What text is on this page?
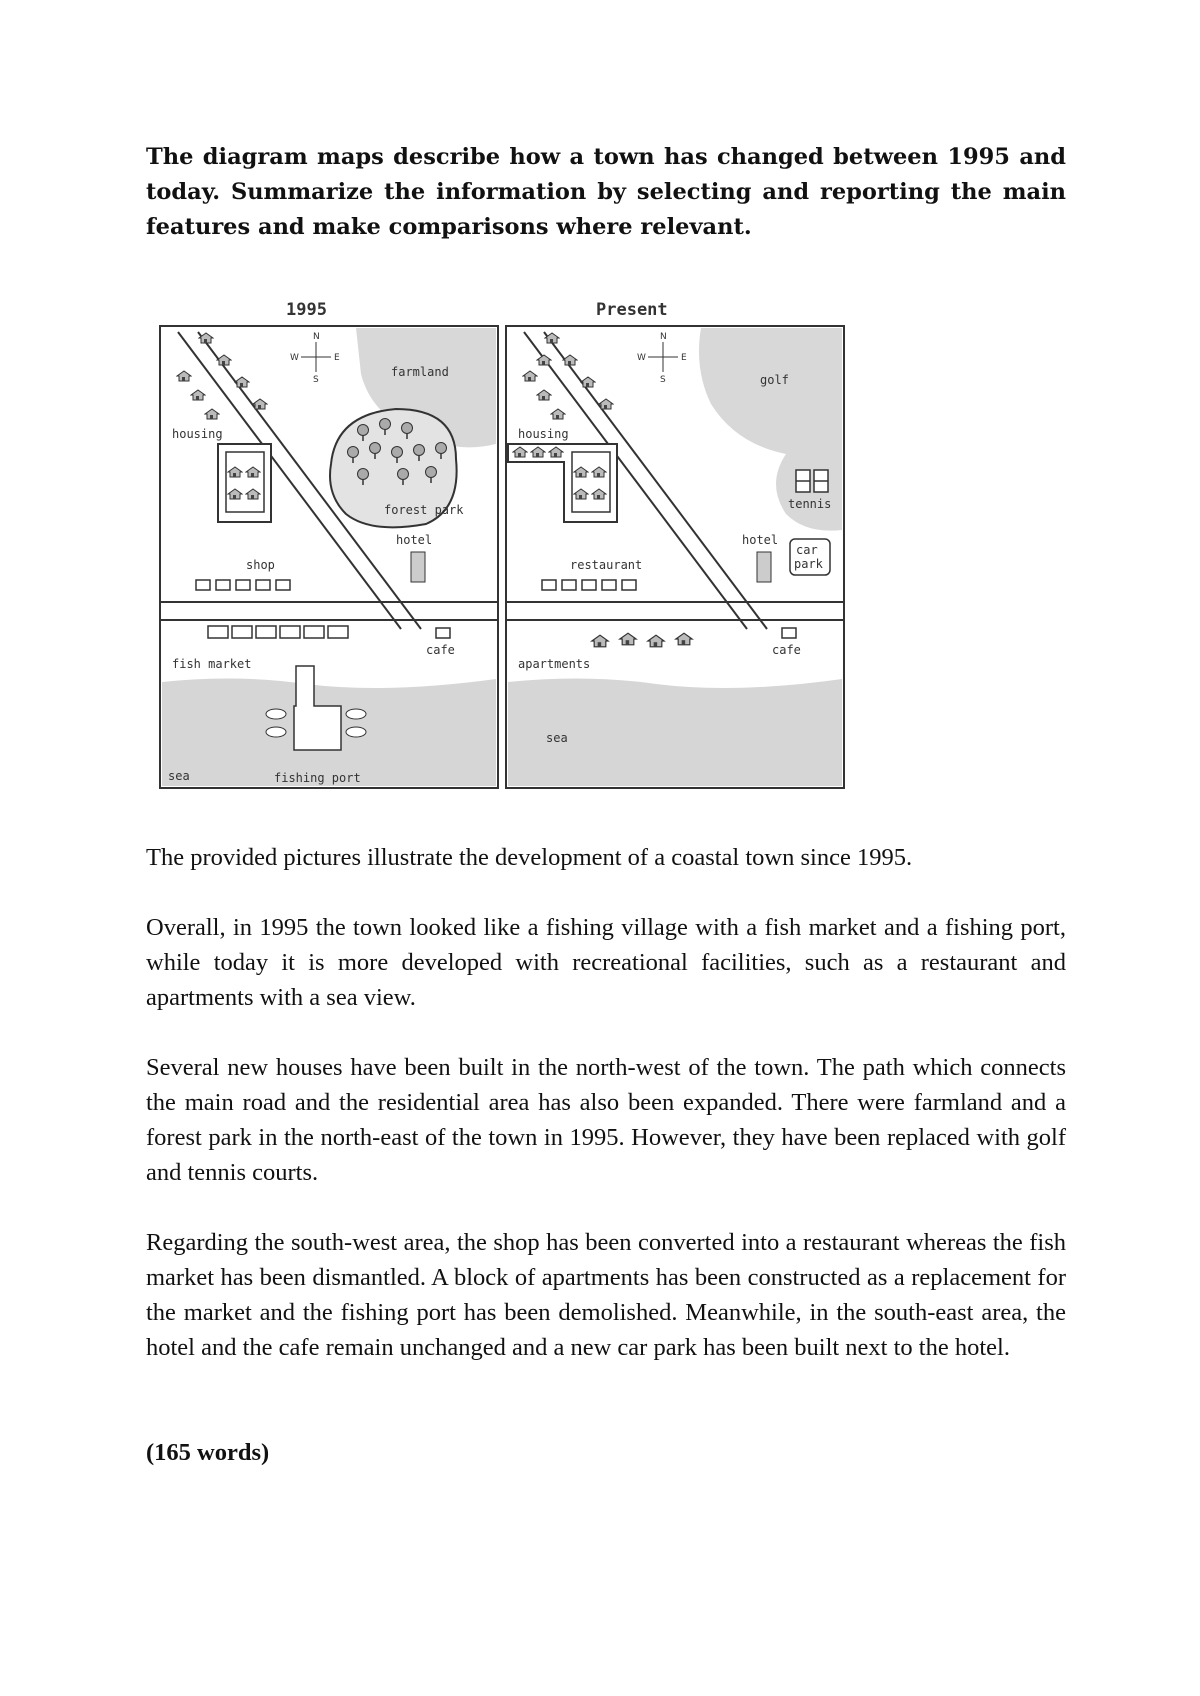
The diagram maps describe how a town has changed between 1995 and today. Summarize the information by selecting and reporting the main features and make comparisons where relevant.
1995
farmland
N
S
W	E
housing
forest park
hotel
shop
cafe
fish market
sea	fishing port
Present
golf
tennis
N
S
W	E
housing
hotel
car
park
restaurant
cafe
apartments
sea
The provided pictures illustrate the development of a coastal town since 1995.
Overall, in 1995 the town looked like a fishing village with a fish market and a fishing port, while today it is more developed with recreational facilities, such as a restaurant and apartments with a sea view.
Several new houses have been built in the north-west of the town. The path which connects the main road and the residential area has also been expanded. There were farmland and a forest park in the north-east of the town in 1995. However, they have been replaced with golf and tennis courts.
Regarding the south-west area, the shop has been converted into a restaurant whereas the fish market has been dismantled. A block of apartments has been constructed as a replacement for the market and the fishing port has been demolished. Meanwhile, in the south-east area, the hotel and the cafe remain unchanged and a new car park has been built next to the hotel.
(165 words)
